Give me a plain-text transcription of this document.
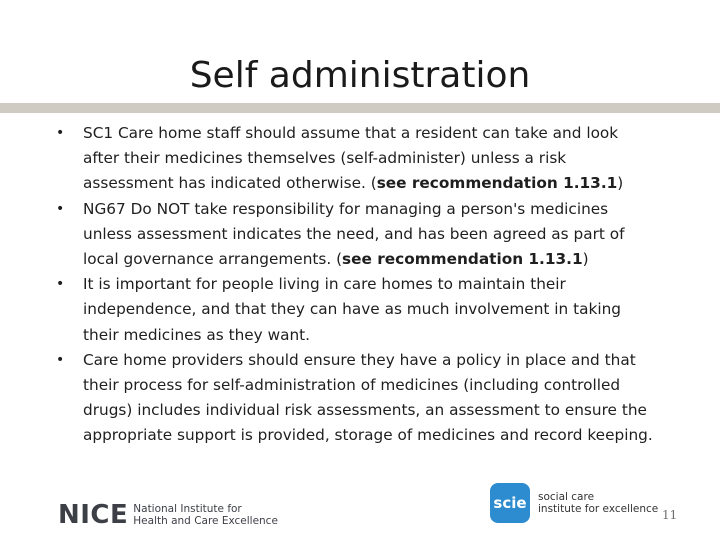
Self administration
• SC1 Care home staff should assume that a resident can take and look after their medicines themselves (self-administer) unless a risk assessment has indicated otherwise. (see recommendation 1.13.1)
• NG67 Do NOT take responsibility for managing a person's medicines unless assessment indicates the need, and has been agreed as part of local governance arrangements. (see recommendation 1.13.1)
• It is important for people living in care homes to maintain their independence, and that they can have as much involvement in taking their medicines as they want.
• Care home providers should ensure they have a policy in place and that their process for self-administration of medicines (including controlled drugs) includes individual risk assessments, an assessment to ensure the appropriate support is provided, storage of medicines and record keeping.
NICE National Institute for
Health and Care Excellence
scie	social care
institute for excellence 11
